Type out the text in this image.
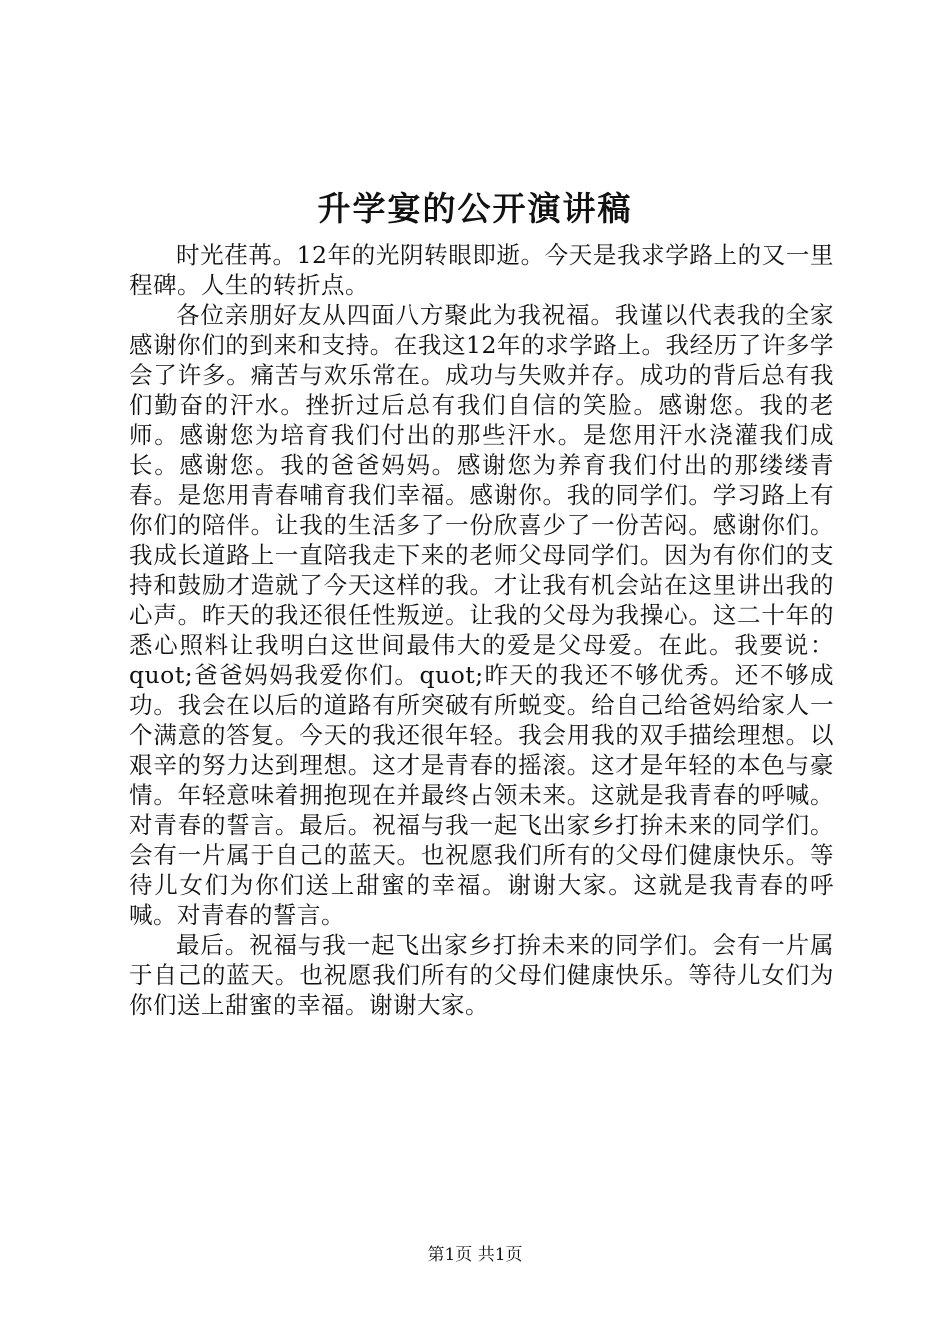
升学宴的公开演讲稿

时光荏苒。12年的光阴转眼即逝。今天是我求学路上的又一里程碑。人生的转折点。

各位亲朋好友从四面八方聚此为我祝福。我谨以代表我的全家感谢你们的到来和支持。在我这12年的求学路上。我经历了许多学会了许多。痛苦与欢乐常在。成功与失败并存。成功的背后总有我们勤奋的汗水。挫折过后总有我们自信的笑脸。感谢您。我的老师。感谢您为培育我们付出的那些汗水。是您用汗水浇灌我们成长。感谢您。我的爸爸妈妈。感谢您为养育我们付出的那缕缕青春。是您用青春哺育我们幸福。感谢你。我的同学们。学习路上有你们的陪伴。让我的生活多了一份欣喜少了一份苦闷。感谢你们。我成长道路上一直陪我走下来的老师父母同学们。因为有你们的支持和鼓励才造就了今天这样的我。才让我有机会站在这里讲出我的心声。昨天的我还很任性叛逆。让我的父母为我操心。这二十年的悉心照料让我明白这世间最伟大的爱是父母爱。在此。我要说：quot;爸爸妈妈我爱你们。quot;昨天的我还不够优秀。还不够成功。我会在以后的道路有所突破有所蜕变。给自己给爸妈给家人一个满意的答复。今天的我还很年轻。我会用我的双手描绘理想。以艰辛的努力达到理想。这才是青春的摇滚。这才是年轻的本色与豪情。年轻意味着拥抱现在并最终占领未来。这就是我青春的呼喊。对青春的誓言。最后。祝福与我一起飞出家乡打拚未来的同学们。会有一片属于自己的蓝天。也祝愿我们所有的父母们健康快乐。等待儿女们为你们送上甜蜜的幸福。谢谢大家。这就是我青春的呼喊。对青春的誓言。

最后。祝福与我一起飞出家乡打拚未来的同学们。会有一片属于自己的蓝天。也祝愿我们所有的父母们健康快乐。等待儿女们为你们送上甜蜜的幸福。谢谢大家。

第1页 共1页
